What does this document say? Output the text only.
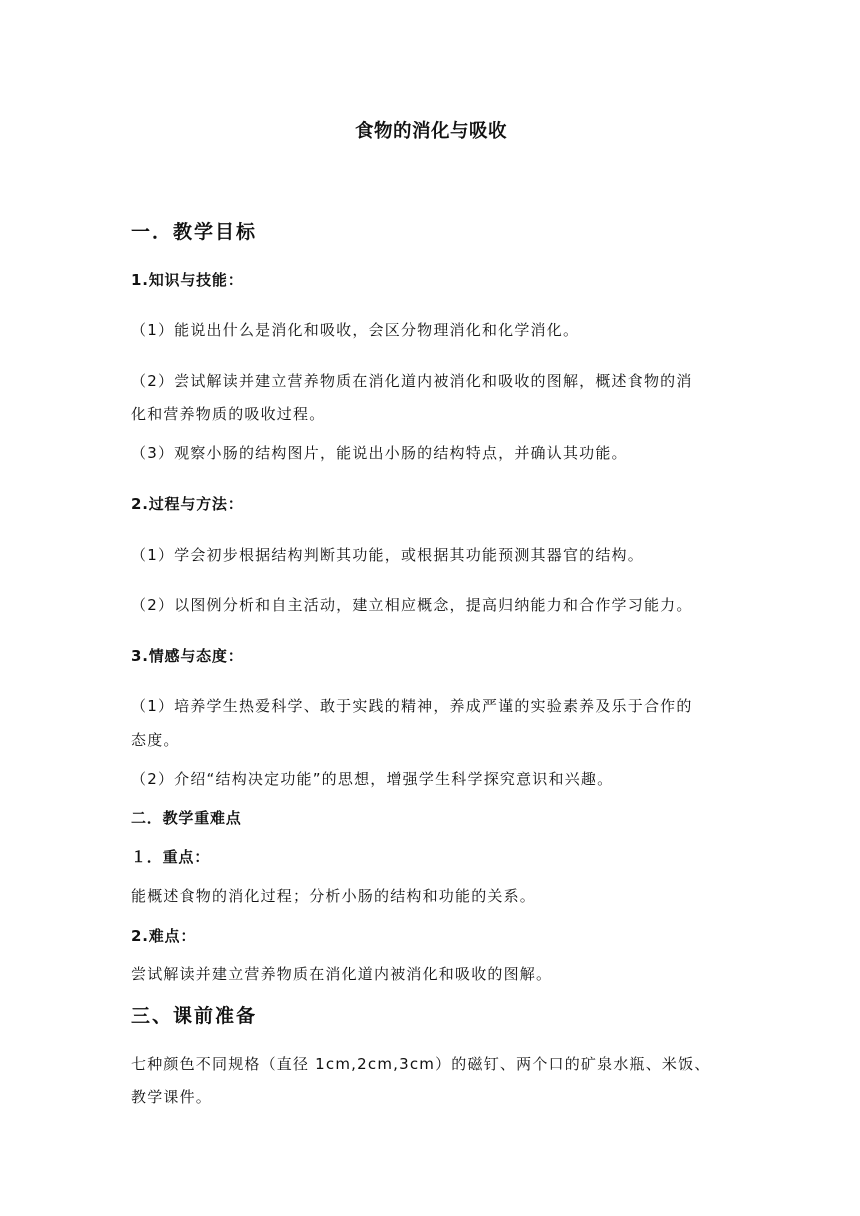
食物的消化与吸收
一．教学目标
1.知识与技能：
（1）能说出什么是消化和吸收，会区分物理消化和化学消化。
（2）尝试解读并建立营养物质在消化道内被消化和吸收的图解，概述食物的消
化和营养物质的吸收过程。
（3）观察小肠的结构图片，能说出小肠的结构特点，并确认其功能。
2.过程与方法：
（1）学会初步根据结构判断其功能，或根据其功能预测其器官的结构。
（2）以图例分析和自主活动，建立相应概念，提高归纳能力和合作学习能力。
3.情感与态度：
（1）培养学生热爱科学、敢于实践的精神，养成严谨的实验素养及乐于合作的
态度。
（2）介绍“结构决定功能”的思想，增强学生科学探究意识和兴趣。
二．教学重难点
１．重点：
能概述食物的消化过程；分析小肠的结构和功能的关系。
2.难点：
尝试解读并建立营养物质在消化道内被消化和吸收的图解。
三、课前准备
七种颜色不同规格（直径 1cm,2cm,3cm）的磁钉、两个口的矿泉水瓶、米饭、
教学课件。
